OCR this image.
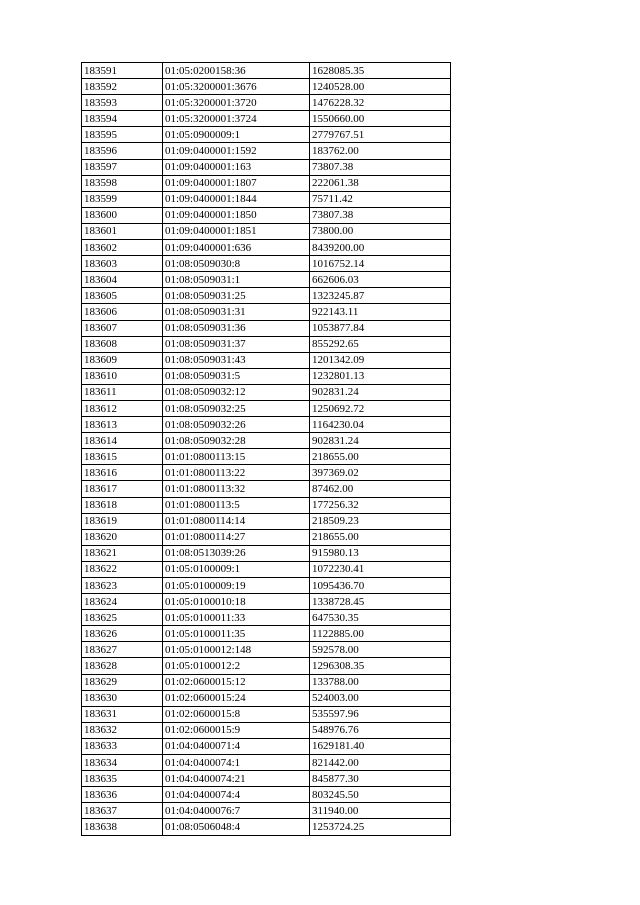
183591	01:05:0200158:36	1628085.35
183592	01:05:3200001:3676	1240528.00
183593	01:05:3200001:3720	1476228.32
183594	01:05:3200001:3724	1550660.00
183595	01:05:0900009:1	2779767.51
183596	01:09:0400001:1592	183762.00
183597	01:09:0400001:163	73807.38
183598	01:09:0400001:1807	222061.38
183599	01:09:0400001:1844	75711.42
183600	01:09:0400001:1850	73807.38
183601	01:09:0400001:1851	73800.00
183602	01:09:0400001:636	8439200.00
183603	01:08:0509030:8	1016752.14
183604	01:08:0509031:1	662606.03
183605	01:08:0509031:25	1323245.87
183606	01:08:0509031:31	922143.11
183607	01:08:0509031:36	1053877.84
183608	01:08:0509031:37	855292.65
183609	01:08:0509031:43	1201342.09
183610	01:08:0509031:5	1232801.13
183611	01:08:0509032:12	902831.24
183612	01:08:0509032:25	1250692.72
183613	01:08:0509032:26	1164230.04
183614	01:08:0509032:28	902831.24
183615	01:01:0800113:15	218655.00
183616	01:01:0800113:22	397369.02
183617	01:01:0800113:32	87462.00
183618	01:01:0800113:5	177256.32
183619	01:01:0800114:14	218509.23
183620	01:01:0800114:27	218655.00
183621	01:08:0513039:26	915980.13
183622	01:05:0100009:1	1072230.41
183623	01:05:0100009:19	1095436.70
183624	01:05:0100010:18	1338728.45
183625	01:05:0100011:33	647530.35
183626	01:05:0100011:35	1122885.00
183627	01:05:0100012:148	592578.00
183628	01:05:0100012:2	1296308.35
183629	01:02:0600015:12	133788.00
183630	01:02:0600015:24	524003.00
183631	01:02:0600015:8	535597.96
183632	01:02:0600015:9	548976.76
183633	01:04:0400071:4	1629181.40
183634	01:04:0400074:1	821442.00
183635	01:04:0400074:21	845877.30
183636	01:04:0400074:4	803245.50
183637	01:04:0400076:7	311940.00
183638	01:08:0506048:4	1253724.25
